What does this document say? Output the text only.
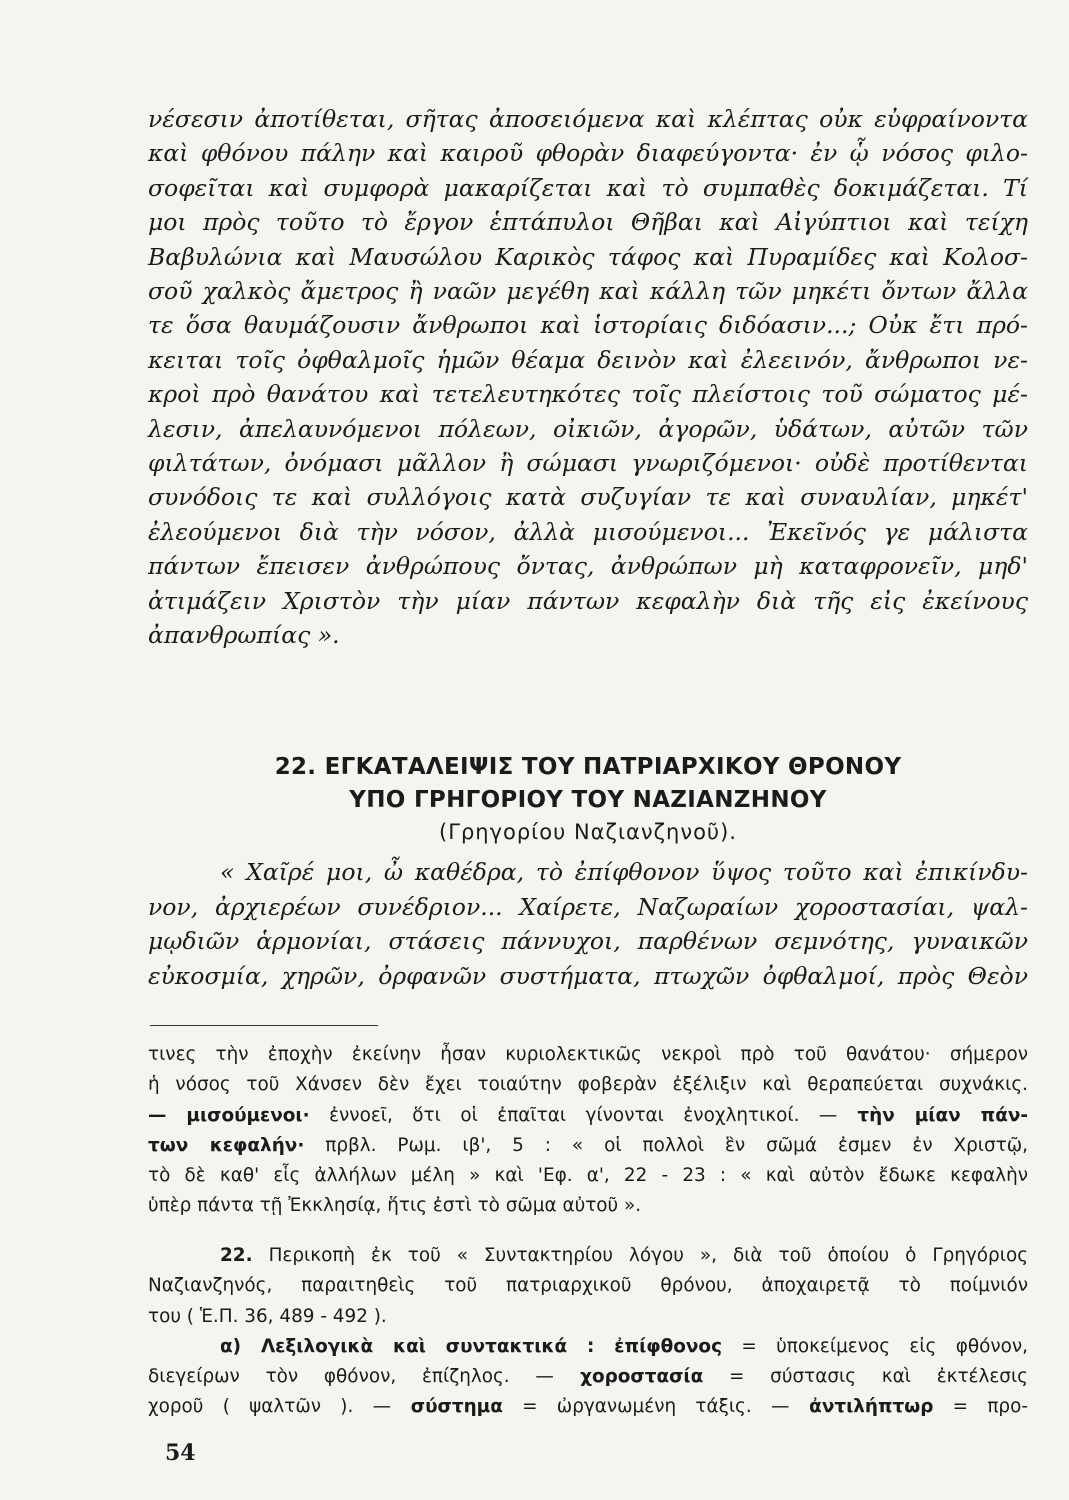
νέσεσιν ἀποτίθεται, σῆτας ἀποσειόμενα καὶ κλέπτας οὐκ εὐφραίνοντα
καὶ φθόνου πάλην καὶ καιροῦ φθορὰν διαφεύγοντα· ἐν ᾧ νόσος φιλο-
σοφεῖται καὶ συμφορὰ μακαρίζεται καὶ τὸ συμπαθὲς δοκιμάζεται. Τί
μοι πρὸς τοῦτο τὸ ἔργον ἑπτάπυλοι Θῆβαι καὶ Αἰγύπτιοι καὶ τείχη
Βαβυλώνια καὶ Μαυσώλου Καρικὸς τάφος καὶ Πυραμίδες καὶ Κολοσ-
σοῦ χαλκὸς ἄμετρος ἢ ναῶν μεγέθη καὶ κάλλη τῶν μηκέτι ὄντων ἄλλα
τε ὅσα θαυμάζουσιν ἄνθρωποι καὶ ἱστορίαις διδόασιν...; Οὐκ ἔτι πρό-
κειται τοῖς ὀφθαλμοῖς ἡμῶν θέαμα δεινὸν καὶ ἐλεεινόν, ἄνθρωποι νε-
κροὶ πρὸ θανάτου καὶ τετελευτηκότες τοῖς πλείστοις τοῦ σώματος μέ-
λεσιν, ἀπελαυνόμενοι πόλεων, οἰκιῶν, ἀγορῶν, ὑδάτων, αὐτῶν τῶν
φιλτάτων, ὀνόμασι μᾶλλον ἢ σώμασι γνωριζόμενοι· οὐδὲ προτίθενται
συνόδοις τε καὶ συλλόγοις κατὰ συζυγίαν τε καὶ συναυλίαν, μηκέτ'
ἐλεούμενοι διὰ τὴν νόσον, ἀλλὰ μισούμενοι... Ἐκεῖνός γε μάλιστα
πάντων ἔπεισεν ἀνθρώπους ὄντας, ἀνθρώπων μὴ καταφρονεῖν, μηδ'
ἀτιμάζειν Χριστὸν τὴν μίαν πάντων κεφαλὴν διὰ τῆς εἰς ἐκείνους
ἀπανθρωπίας ».
22. ΕΓΚΑΤΑΛΕΙΨΙΣ ΤΟΥ ΠΑΤΡΙΑΡΧΙΚΟΥ ΘΡΟΝΟΥ
ΥΠΟ ΓΡΗΓΟΡΙΟΥ ΤΟΥ ΝΑΖΙΑΝΖΗΝΟΥ
(Γρηγορίου Ναζιανζηνοῦ).
« Χαῖρέ μοι, ὦ καθέδρα, τὸ ἐπίφθονον ὕψος τοῦτο καὶ ἐπικίνδυ-
νον, ἀρχιερέων συνέδριον... Χαίρετε, Ναζωραίων χοροστασίαι, ψαλ-
μῳδιῶν ἁρμονίαι, στάσεις πάννυχοι, παρθένων σεμνότης, γυναικῶν
εὐκοσμία, χηρῶν, ὀρφανῶν συστήματα, πτωχῶν ὀφθαλμοί, πρὸς Θεὸν
τινες τὴν ἐποχὴν ἐκείνην ἦσαν κυριολεκτικῶς νεκροὶ πρὸ τοῦ θανάτου· σήμερον
ἡ νόσος τοῦ Χάνσεν δὲν ἔχει τοιαύτην φοβερὰν ἐξέλιξιν καὶ θεραπεύεται συχνάκις.
— μισούμενοι· ἐννοεῖ, ὅτι οἱ ἐπαῖται γίνονται ἐνοχλητικοί. — τὴν μίαν πάν-
των κεφαλήν· πρβλ. Ρωμ. ιβ', 5 : « οἱ πολλοὶ ἓν σῶμά ἐσμεν ἐν Χριστῷ,
τὸ δὲ καθ' εἷς ἀλλήλων μέλη » καὶ 'Εφ. α', 22 - 23 : « καὶ αὐτὸν ἔδωκε κεφαλὴν
ὑπὲρ πάντα τῇ Ἐκκλησίᾳ, ἥτις ἐστὶ τὸ σῶμα αὐτοῦ ».
22. Περικοπὴ ἐκ τοῦ « Συντακτηρίου λόγου », διὰ τοῦ ὁποίου ὁ Γρηγόριος
Ναζιανζηνός, παραιτηθεὶς τοῦ πατριαρχικοῦ θρόνου, ἀποχαιρετᾷ τὸ ποίμνιόν
του ( Ἑ.Π. 36, 489 - 492 ).
α) Λεξιλογικὰ καὶ συντακτικά : ἐπίφθονος = ὑποκείμενος εἰς φθόνον,
διεγείρων τὸν φθόνον, ἐπίζηλος. — χοροστασία = σύστασις καὶ ἐκτέλεσις
χοροῦ ( ψαλτῶν ). — σύστημα = ὠργανωμένη τάξις. — ἀντιλήπτωρ = προ-
54
